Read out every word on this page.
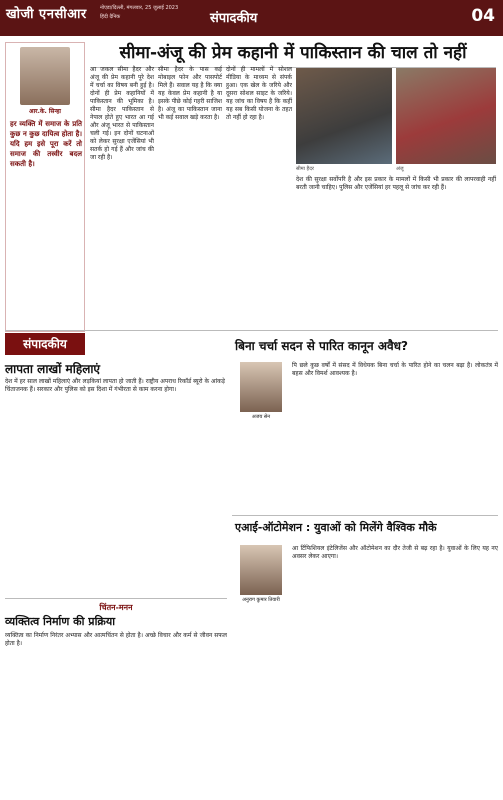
खोजी एनसीआर	नोएडा/दिल्ली, मंगलवार, 25 जुलाई 2023
हिंदी दैनिक	संपादकीय	04
आर.के. सिन्हा
हर व्यक्ति में समाज के प्रति कुछ न कुछ दायित्व होता है। यदि हम इसे पूरा करें तो समाज की तस्वीर बदल सकती है।
सीमा-अंजू की प्रेम कहानी में पाकिस्तान की चाल तो नहीं
आ जकल सीमा हैदर और अंजू की प्रेम कहानी पूरे देश में चर्चा का विषय बनी हुई है। दोनों ही प्रेम कहानियों में पाकिस्तान की भूमिका है। सीमा हैदर पाकिस्तान से नेपाल होते हुए भारत आ गई और अंजू भारत से पाकिस्तान चली गई। इन दोनों घटनाओं को लेकर सुरक्षा एजेंसियां भी सतर्क हो गई हैं और जांच की जा रही है।
सीमा हैदर के पास कई मोबाइल फोन और पासपोर्ट मिले हैं। सवाल यह है कि क्या यह केवल प्रेम कहानी है या इसके पीछे कोई गहरी साजिश है। अंजू का पाकिस्तान जाना भी कई सवाल खड़े करता है।
दोनों ही मामलों में सोशल मीडिया के माध्यम से संपर्क हुआ। एक खेल के जरिये और दूसरा सोशल साइट के जरिये। यह जांच का विषय है कि कहीं यह सब किसी योजना के तहत तो नहीं हो रहा है।
सीमा हैदर	अंजू
देश की सुरक्षा सर्वोपरि है और इस प्रकार के मामलों में किसी भी प्रकार की लापरवाही नहीं बरती जानी चाहिए। पुलिस और एजेंसियां हर पहलू से जांच कर रही हैं।
संपादकीय
लापता लाखों महिलाएं
देश में हर साल लाखों महिलाएं और लड़कियां लापता हो जाती हैं। राष्ट्रीय अपराध रिकॉर्ड ब्यूरो के आंकड़े चिंताजनक हैं। सरकार और पुलिस को इस दिशा में गंभीरता से काम करना होगा।
बिना चर्चा सदन से पारित कानून अवैध?
अजय सेन
पि छले कुछ वर्षों में संसद में विधेयक बिना चर्चा के पारित होने का चलन बढ़ा है। लोकतंत्र में बहस और विमर्श आवश्यक है।
एआई-ऑटोमेशन : युवाओं को मिलेंगे वैश्विक मौके
अनुराग कुमार तिवारी
आ र्टिफिशियल इंटेलिजेंस और ऑटोमेशन का दौर तेजी से बढ़ रहा है। युवाओं के लिए यह नए अवसर लेकर आएगा।
चिंतन-मनन
व्यक्तित्व निर्माण की प्रक्रिया
व्यक्तित्व का निर्माण निरंतर अभ्यास और आत्मचिंतन से होता है। अच्छे विचार और कर्म से जीवन सफल होता है।
